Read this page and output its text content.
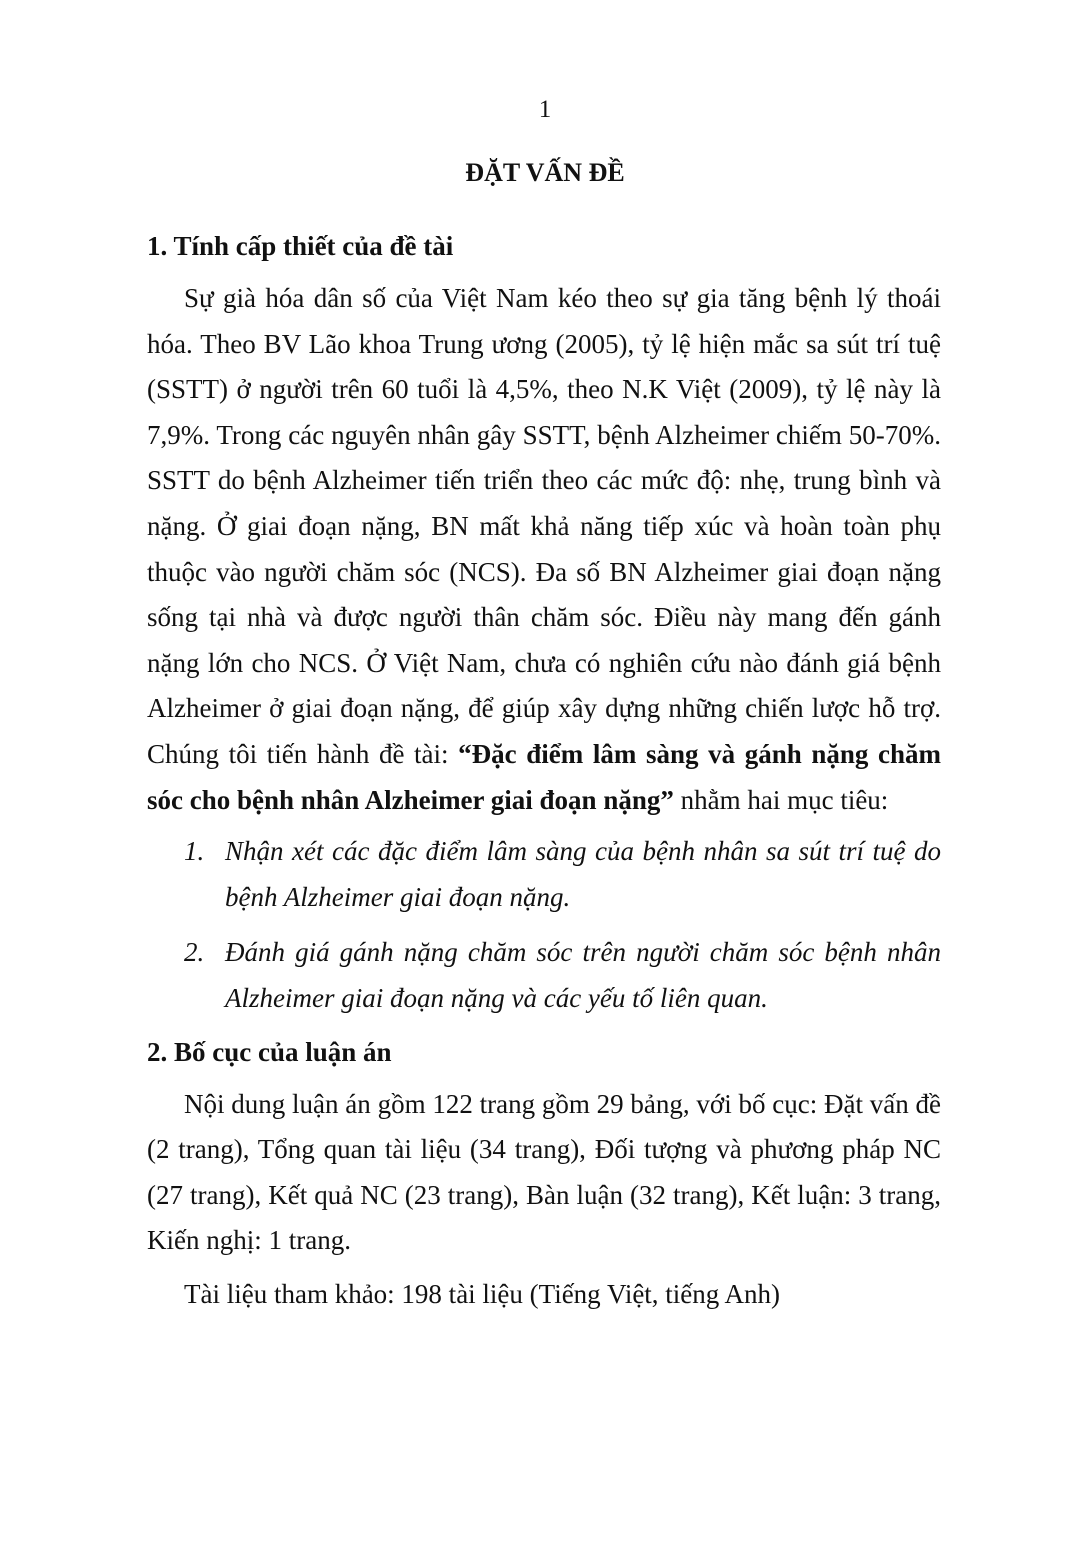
1
ĐẶT VẤN ĐỀ
1. Tính cấp thiết của đề tài

Sự già hóa dân số của Việt Nam kéo theo sự gia tăng bệnh lý thoái hóa. Theo BV Lão khoa Trung ương (2005), tỷ lệ hiện mắc sa sút trí tuệ (SSTT) ở người trên 60 tuổi là 4,5%, theo N.K Việt (2009), tỷ lệ này là 7,9%. Trong các nguyên nhân gây SSTT, bệnh Alzheimer chiếm 50-70%. SSTT do bệnh Alzheimer tiến triển theo các mức độ: nhẹ, trung bình và nặng. Ở giai đoạn nặng, BN mất khả năng tiếp xúc và hoàn toàn phụ thuộc vào người chăm sóc (NCS). Đa số BN Alzheimer giai đoạn nặng sống tại nhà và được người thân chăm sóc. Điều này mang đến gánh nặng lớn cho NCS. Ở Việt Nam, chưa có nghiên cứu nào đánh giá bệnh Alzheimer ở giai đoạn nặng, để giúp xây dựng những chiến lược hỗ trợ. Chúng tôi tiến hành đề tài: “Đặc điểm lâm sàng và gánh nặng chăm sóc cho bệnh nhân Alzheimer giai đoạn nặng” nhằm hai mục tiêu:

1. Nhận xét các đặc điểm lâm sàng của bệnh nhân sa sút trí tuệ do bệnh Alzheimer giai đoạn nặng.
2. Đánh giá gánh nặng chăm sóc trên người chăm sóc bệnh nhân Alzheimer giai đoạn nặng và các yếu tố liên quan.
2. Bố cục của luận án

Nội dung luận án gồm 122 trang gồm 29 bảng, với bố cục: Đặt vấn đề (2 trang), Tổng quan tài liệu (34 trang), Đối tượng và phương pháp NC (27 trang), Kết quả NC (23 trang), Bàn luận (32 trang), Kết luận: 3 trang, Kiến nghị: 1 trang.

Tài liệu tham khảo: 198 tài liệu (Tiếng Việt, tiếng Anh)
